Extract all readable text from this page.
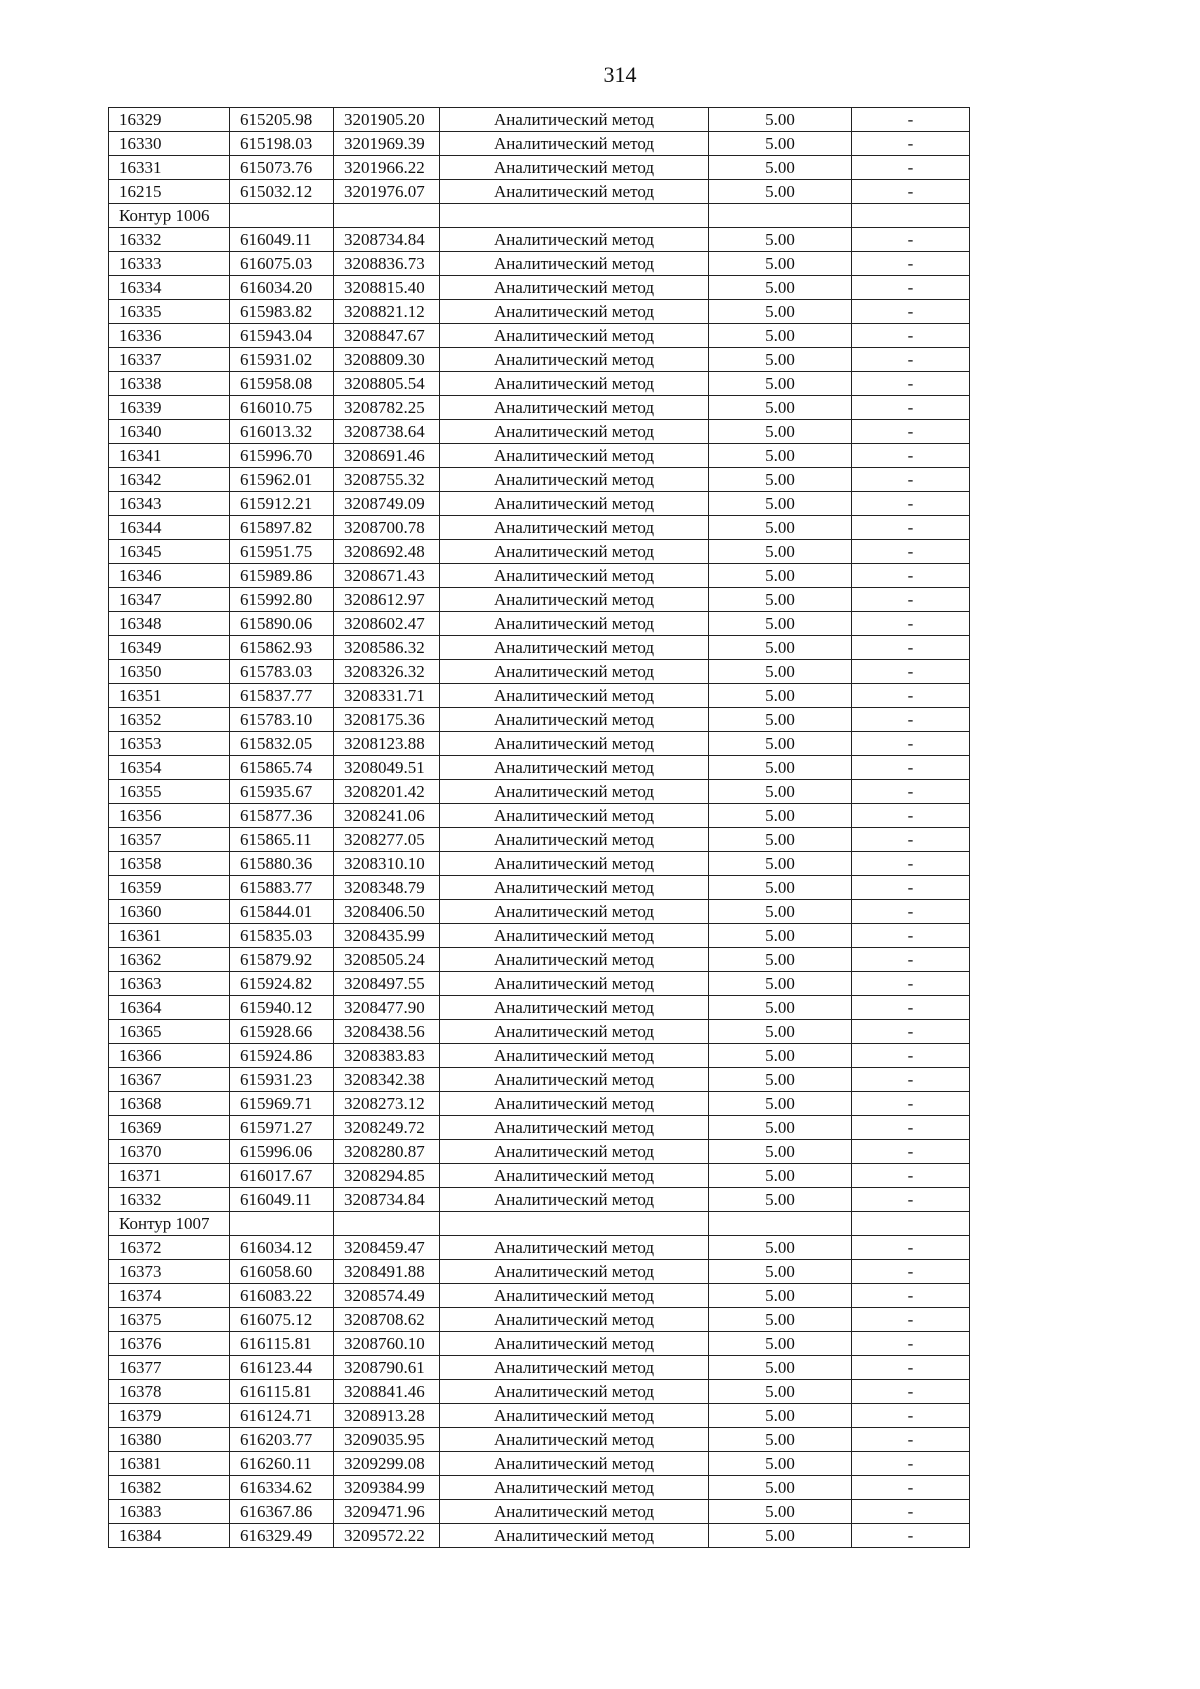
314
16329	615205.98	3201905.20	Аналитический метод	5.00	-
16330	615198.03	3201969.39	Аналитический метод	5.00	-
16331	615073.76	3201966.22	Аналитический метод	5.00	-
16215	615032.12	3201976.07	Аналитический метод	5.00	-
Контур 1006					
16332	616049.11	3208734.84	Аналитический метод	5.00	-
16333	616075.03	3208836.73	Аналитический метод	5.00	-
16334	616034.20	3208815.40	Аналитический метод	5.00	-
16335	615983.82	3208821.12	Аналитический метод	5.00	-
16336	615943.04	3208847.67	Аналитический метод	5.00	-
16337	615931.02	3208809.30	Аналитический метод	5.00	-
16338	615958.08	3208805.54	Аналитический метод	5.00	-
16339	616010.75	3208782.25	Аналитический метод	5.00	-
16340	616013.32	3208738.64	Аналитический метод	5.00	-
16341	615996.70	3208691.46	Аналитический метод	5.00	-
16342	615962.01	3208755.32	Аналитический метод	5.00	-
16343	615912.21	3208749.09	Аналитический метод	5.00	-
16344	615897.82	3208700.78	Аналитический метод	5.00	-
16345	615951.75	3208692.48	Аналитический метод	5.00	-
16346	615989.86	3208671.43	Аналитический метод	5.00	-
16347	615992.80	3208612.97	Аналитический метод	5.00	-
16348	615890.06	3208602.47	Аналитический метод	5.00	-
16349	615862.93	3208586.32	Аналитический метод	5.00	-
16350	615783.03	3208326.32	Аналитический метод	5.00	-
16351	615837.77	3208331.71	Аналитический метод	5.00	-
16352	615783.10	3208175.36	Аналитический метод	5.00	-
16353	615832.05	3208123.88	Аналитический метод	5.00	-
16354	615865.74	3208049.51	Аналитический метод	5.00	-
16355	615935.67	3208201.42	Аналитический метод	5.00	-
16356	615877.36	3208241.06	Аналитический метод	5.00	-
16357	615865.11	3208277.05	Аналитический метод	5.00	-
16358	615880.36	3208310.10	Аналитический метод	5.00	-
16359	615883.77	3208348.79	Аналитический метод	5.00	-
16360	615844.01	3208406.50	Аналитический метод	5.00	-
16361	615835.03	3208435.99	Аналитический метод	5.00	-
16362	615879.92	3208505.24	Аналитический метод	5.00	-
16363	615924.82	3208497.55	Аналитический метод	5.00	-
16364	615940.12	3208477.90	Аналитический метод	5.00	-
16365	615928.66	3208438.56	Аналитический метод	5.00	-
16366	615924.86	3208383.83	Аналитический метод	5.00	-
16367	615931.23	3208342.38	Аналитический метод	5.00	-
16368	615969.71	3208273.12	Аналитический метод	5.00	-
16369	615971.27	3208249.72	Аналитический метод	5.00	-
16370	615996.06	3208280.87	Аналитический метод	5.00	-
16371	616017.67	3208294.85	Аналитический метод	5.00	-
16332	616049.11	3208734.84	Аналитический метод	5.00	-
Контур 1007					
16372	616034.12	3208459.47	Аналитический метод	5.00	-
16373	616058.60	3208491.88	Аналитический метод	5.00	-
16374	616083.22	3208574.49	Аналитический метод	5.00	-
16375	616075.12	3208708.62	Аналитический метод	5.00	-
16376	616115.81	3208760.10	Аналитический метод	5.00	-
16377	616123.44	3208790.61	Аналитический метод	5.00	-
16378	616115.81	3208841.46	Аналитический метод	5.00	-
16379	616124.71	3208913.28	Аналитический метод	5.00	-
16380	616203.77	3209035.95	Аналитический метод	5.00	-
16381	616260.11	3209299.08	Аналитический метод	5.00	-
16382	616334.62	3209384.99	Аналитический метод	5.00	-
16383	616367.86	3209471.96	Аналитический метод	5.00	-
16384	616329.49	3209572.22	Аналитический метод	5.00	-
